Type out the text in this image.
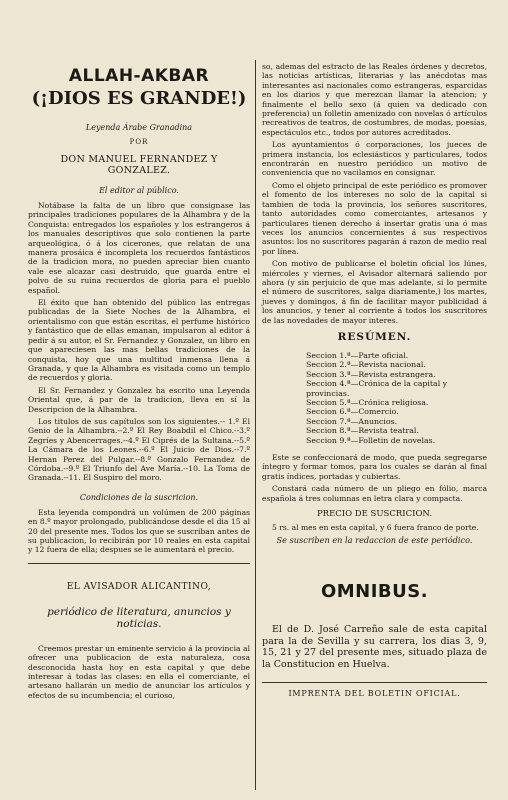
ALLAH-AKBAR
(¡DIOS ES GRANDE!)
Leyenda Árabe Granadina
POR
DON MANUEL FERNANDEZ Y GONZALEZ.
El editor al público.

Notábase la falta de un libro que consignase las principales tradiciones populares de la Alhambra y de la Conquista: entregados los españoles y los estrangeros á los manuales descriptivos que solo contienen la parte arqueológica, ó á los cicerones, que relatan de una manera prosáica é incompleta los recuerdos fantásticos de la tradicion mora, no pueden apreciar bien cuanto vale ese alcazar casi destruido, que guarda entre el polvo de su ruina recuerdos de gloria para el pueblo español.

El éxito que han obtenido del público las entregas publicadas de la Siete Noches de la Alhambra, el orientalismo con que están escritas, el perfume histórico y fantástico que de ellas emanan, impulsaron al editor á pedir á su autor, el Sr. Fernandez y Gonzalez, un libro en que apareciesen las mas bellas tradiciones de la conquista, hoy que una multitud inmensa llena á Granada, y que la Alhambra es visitada como un templo de recuerdos y gloria.

El Sr. Fernandez y Gonzalez ha escrito una Leyenda Oriental que, á par de la tradicion, lleva en sí la Descripcion de la Alhambra.

Los titulos de sus capítulos son los siguientes.-- 1.º El Genio de la Alhambra.--2.º El Rey Boabdil el Chico.--3.º Zegríes y Abencerrages.--4.º El Ciprés de la Sultana.--5.º La Cámara de los Leones.--6.º El Juicio de Dios.--7.º Hernan Perez del Pulgar.--8.º Gonzalo Fernandez de Córdoba.--9.º El Triunfo del Ave María.--10. La Toma de Granada.--11. El Suspiro del moro.

Condiciones de la suscricion.

Esta leyenda compondrá un volúmen de 200 páginas en 8.º mayor prolongado, publicándose desde el dia 15 al 20 del presente mes. Todos los que se suscriban antes de su publicacion, lo recibirán por 10 reales en esta capital y 12 fuera de ella; despues se le aumentará el precio.

EL AVISADOR ALICANTINO,
periódico de literatura, anuncios y noticias.

Creemos prestar un eminente servicio á la provincia al ofrecer una publicacion de esta naturaleza, cosa desconocida hasta hoy en esta capital y que debe interesar á todas las clases: en ella el comerciante, el artesano hallarán un medio de anunciar los artículos y efectos de su incumbencia; el curioso,

so, ademas del estracto de las Reales órdenes y decretos, las noticias artísticas, literarias y las anécdotas mas interesantes asi nacionales como estrangeras, esparcidas en los diarios y que merezcan llamar la atencion; y finalmente el bello sexo (á quien va dedicado con preferencia) un folletin amenizado con novelas ó artículos recreativos de teatros, de costumbres, de modas, poesías, espectáculos etc., todos por autores acreditados.

Los ayuntamientos ó corporaciones, los jueces de primera instancia, los eclesiásticos y particulares, todos encontrarán en nuestro periódico un motivo de conveniencia que no vacilamos en consignar.

Como el objeto principal de este periódico es promover el fomento de los intereses no solo de la capital si tambien de toda la provincia, los señores suscritores, tanto autoridades como comerciantes, artesanos y particulares tienen derecho á insertar gratis una ó mas veces los anuncios concernientes á sus respectivos asuntos: los no suscritores pagarán á razon de medio real por línea.

Con motivo de publicarse el boletin oficial los lúnes, miércoles y viernes, el Avisador alternará saliendo por ahora (y sin perjuicio de que mas adelante, si lo permite el número de suscritores, salga diariamente,) los martes, jueves y domingos, á fin de facilitar mayor publicidad á los anuncios, y tener al corriente á todos los suscritores de las novedades de mayor interes.

RESÚMEN.
Seccion 1.ª—Parte oficial.
Seccion 2.ª—Revista nacional.
Seccion 3.ª—Revista estrangera.
Seccion 4.ª—Crónica de la capital y provincias.
Seccion 5.ª—Crónica religiosa.
Seccion 6.ª—Comercio.
Seccion 7.ª—Anuncios.
Seccion 8.ª—Revista teatral.
Seccion 9.ª—Folletin de novelas.

Este se confeccionará de modo, que pueda segregarse íntegro y formar tomos, para los cuales se darán al final gratis índices, portadas y cubiertas.

Constará cada número de un pliego en fólio, marca española á tres columnas en letra clara y compacta.

PRECIO DE SUSCRICION.

5 rs. al mes en esta capital, y 6 fuera franco de porte.

Se suscriben en la redaccion de este periódico.
OMNIBUS.

El de D. José Carreño sale de esta capital para la de Sevilla y su carrera, los dias 3, 9, 15, 21 y 27 del presente mes, situado plaza de la Constitucion en Huelva.

IMPRENTA DEL BOLETIN OFICIAL.
